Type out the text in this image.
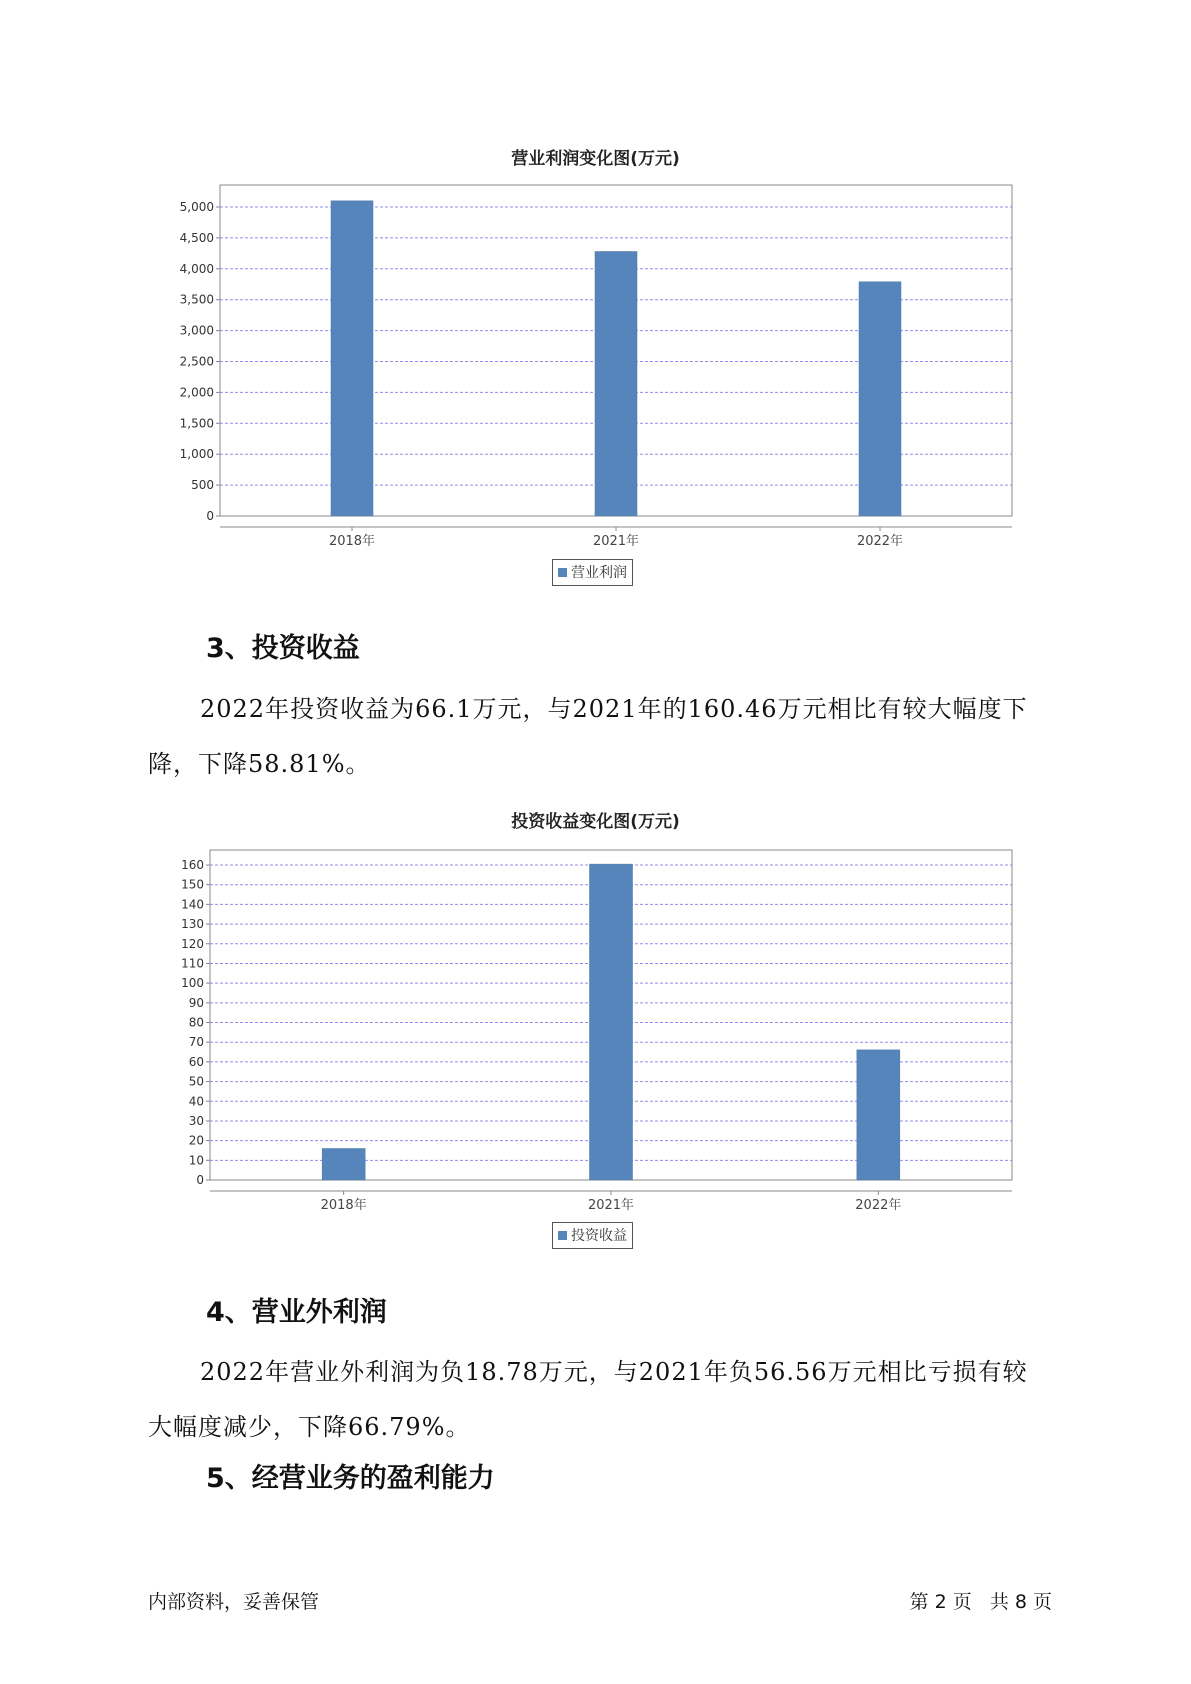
营业利润变化图(万元)
0
500
1,000
1,500
2,000
2,500
3,000
3,500
4,000
4,500
5,000
2018年	2021年	2022年
营业利润
3、投资收益
2022年投资收益为66.1万元，与2021年的160.46万元相比有较大幅度下降，下降58.81%。
投资收益变化图(万元)
0
10
20
30
40
50
60
70
80
90
100
110
120
130
140
150
160
2018年	2021年	2022年
投资收益
4、营业外利润
2022年营业外利润为负18.78万元，与2021年负56.56万元相比亏损有较大幅度减少，下降66.79%。
5、经营业务的盈利能力
内部资料，妥善保管	第 2 页   共 8 页
